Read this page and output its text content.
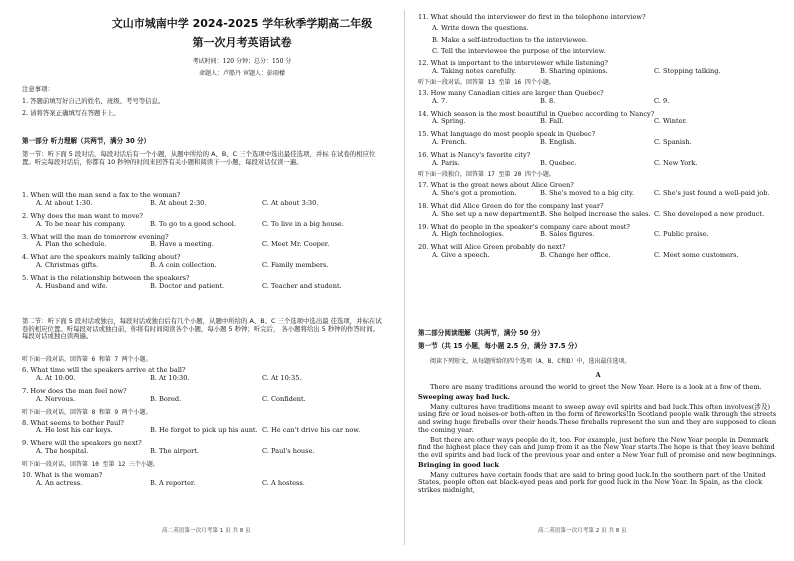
文山市城南中学 2024-2025 学年秋季学期高二年级
第一次月考英语试卷
考试时间：120 分钟；总分：150 分
命题人：卢船丹 审题人：彭雨檬
注意事项：
1. 答题前填写好自己的姓名、班级、考号等信息。
2. 请将答案正确填写在答题卡上。
第一部分 听力理解（共两节，满分 30 分）
第一节：听下面 5 段对话，每段对话后有一个小题，从题中所给的 A、B、C 三个选项中选出最佳选项，并标 在试卷的相应位置。听完每段对话后，你都有 10 秒钟的时间来回答有关小题和阅读下一小题，每段对话仅读一遍。
1. When will the man send a fax to the woman?
A. At about 1:30.	B. At about 2:30.	C. At about 3:30.
2. Why does the man want to move?
A. To be near his company.	B. To go to a good school.	C. To live in a big house.
3. What will the man do tomorrow evening?
A. Plan the schedule.	B. Have a meeting.	C. Meet Mr. Cooper.
4. What are the speakers mainly talking about?
A. Christmas gifts.	B. A coin collection.	C. Family members.
5. What is the relationship between the speakers?
A. Husband and wife.	B. Doctor and patient.	C. Teacher and student.
第二节：听下面 5 段对话或独白，每段对话或独白后有几个小题，从题中所给的 A、B、C 三个选项中选出最 佳选项，并标在试卷的相应位置。听每段对话或独白前，你将有时间阅读各个小题，每小题 5 秒钟；听完后， 各小题将给出 5 秒钟的作答时间。每段对话或独白读两遍。
听下面一段对话，回答第 6 和第 7 两个小题。
6. What time will the speakers arrive at the ball?
A. At 10:00.	B. At 10:30.	C. At 10:35.
7. How does the man feel now?
A. Nervous.	B. Bored.	C. Confident.
听下面一段对话，回答第 8 和第 9 两个小题。
8. What seems to bother Paul?
A. He lost his car keys.	B. He forgot to pick up his aunt. C. He can't drive his car now.
9. Where will the speakers go next?
A. The hospital.	B. The airport.	C. Paul's house.
听下面一段对话，回答第 10 至第 12 三个小题。
10. What is the woman?
A. An actress.	B. A reporter.	C. A hostess.
高二英语第一次月考第 1 页 共 8 页
11. What should the interviewer do first in the telephone interview?
A. Write down the questions.
B. Make a self-introduction to the interviewee.
C. Tell the interviewee the purpose of the interview.
12. What is important to the interviewer while listening?
A. Taking notes carefully.	B. Sharing opinions.	C. Stopping talking.
听下面一段对话，回答第 13 至第 16 四个小题。
13. How many Canadian cities are larger than Quebec?
A. 7.	B. 8.	C. 9.
14. Which season is the most beautiful in Quebec according to Nancy?
A. Spring.	B. Fall.	C. Winter.
15. What language do most people speak in Quebec?
A. French.	B. English.	C. Spanish.
16. What is Nancy's favorite city?
A. Paris.	B. Quebec.	C. New York.
听下面一段独白，回答第 17 至第 20 四个小题。
17. What is the great news about Alice Green?
A. She's got a promotion.	B. She's moved to a big city.	C. She's just found a well-paid job.
18. What did Alice Green do for the company last year?
A. She set up a new department.
B. She helped increase the sales. C. She developed a new product.
19. What do people in the speaker's company care about most?
A. High technologies.	B. Sales figures.	C. Public praise.
20. What will Alice Green probably do next?
A. Give a speech.	B. Change her office.	C. Meet some customers.
第二部分阅读理解（共两节，满分 50 分）
第一节（共 15 小题，每小题 2.5 分，满分 37.5 分）
阅读下列短文，从每题所给的四个选项（A、B、C和D）中，选出最佳选项。
A

There are many traditions around the world to greet the New Year. Here is a look at a few of them.

Sweeping away bad luck.

Many cultures have traditions meant to sweep away evil spirits and bad luck.This often involves(涉及) using fire or loud noises-or both-often in the form of fireworks!In Scotland people walk through the streets and swing huge fireballs over their heads.These fireballs represent the sun and they are supposed to clean the coming year.

But there are other ways people do it, too. For example, just before the New Year people in Denmark find the highest place they can and jump from it as the New Year starts.The hope is that they leave behind the evil spirits and bad luck of the previous year and enter a New Year full of promise and new beginnings.

Bringing in good luck

Many cultures have certain foods that are said to bring good luck.In the southern part of the United States, people often eat black-eyed peas and pork for good luck in the New Year. In Spain, as the clock strikes midnight,

高二英语第一次月考第 2 页 共 8 页
